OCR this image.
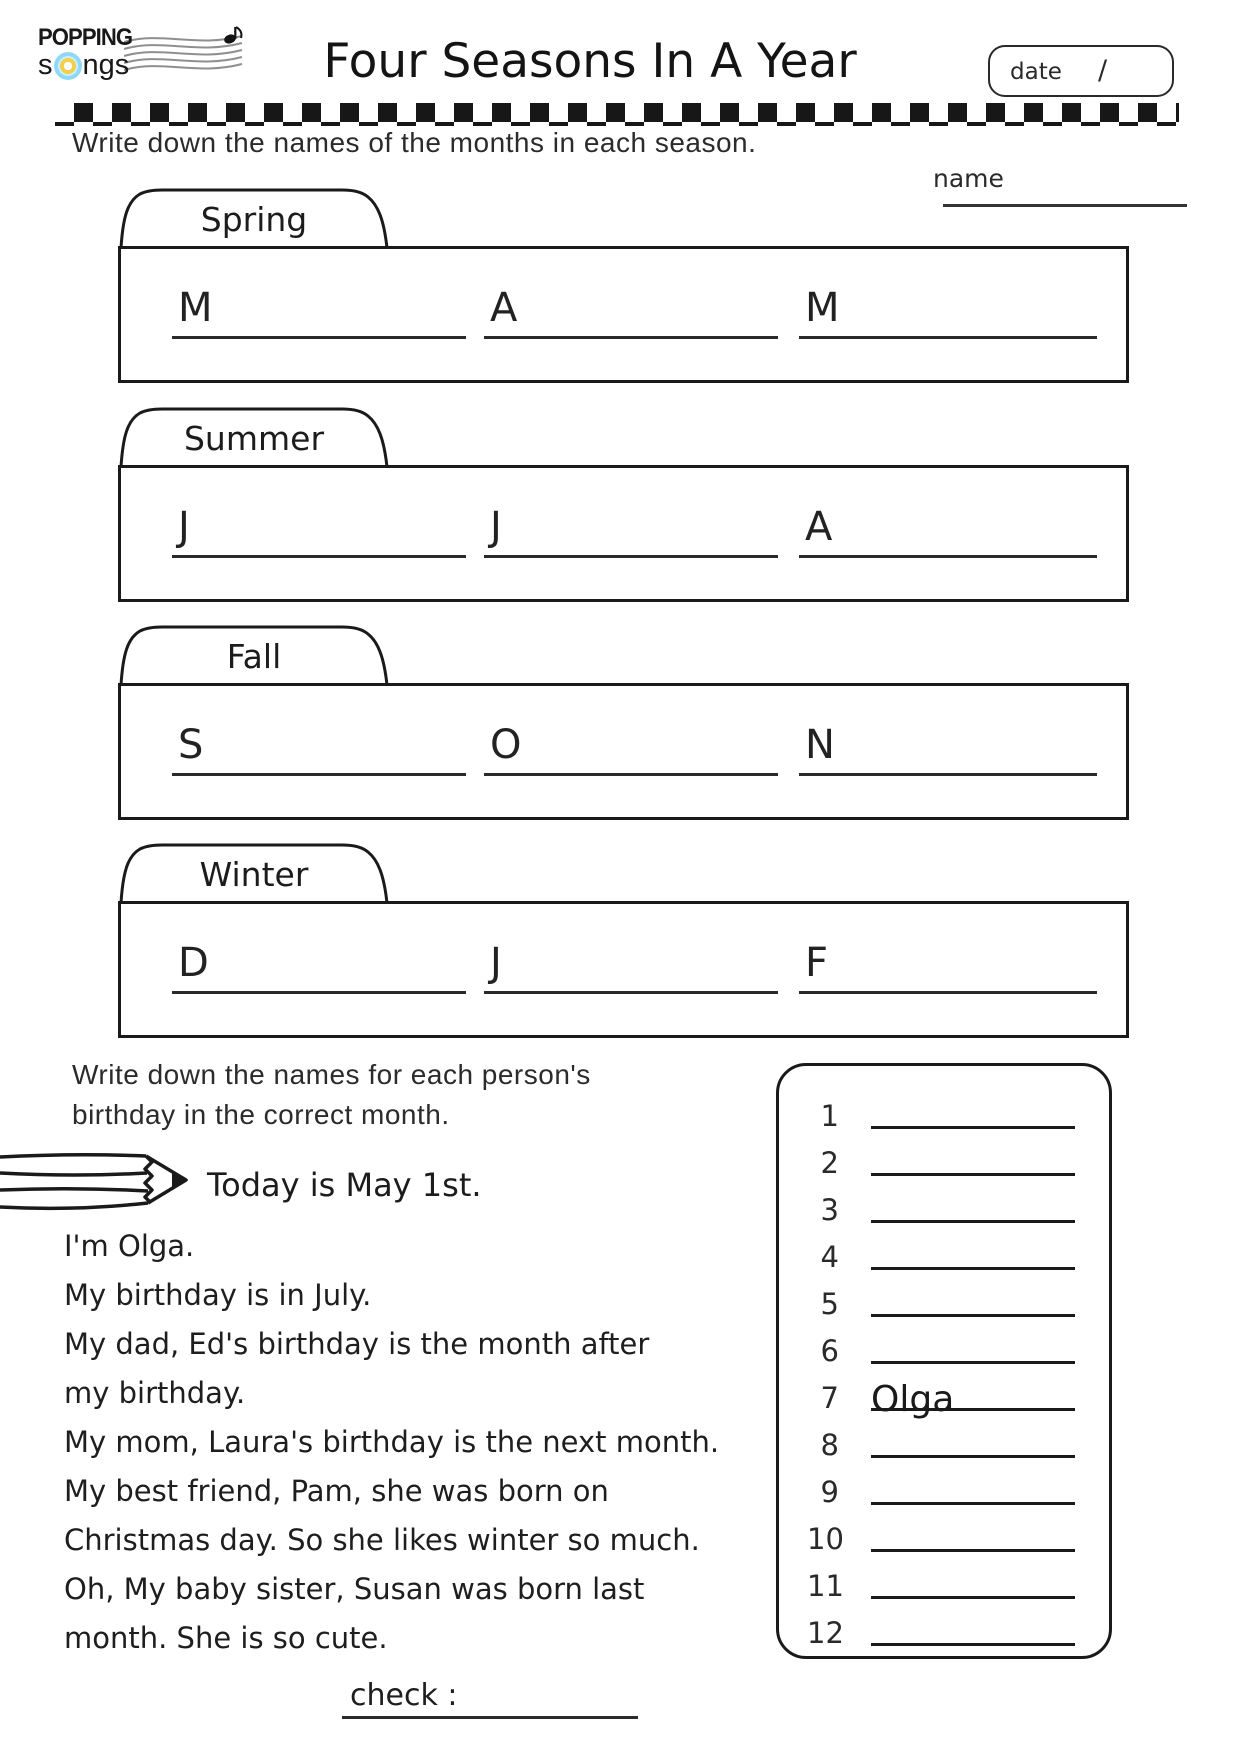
POPPING
s ngs	Four Seasons In A Year	date /
Write down the names of the months in each season.
name
Spring
M	A	M
Summer
J	J	A
Fall
S	O	N
Winter
D	J	F
Write down the names for each person's
birthday in the correct month.
Today is May 1st.
I'm Olga.
My birthday is in July.
My dad, Ed's birthday is the month after
my birthday.
My mom, Laura's birthday is the next month.
My best friend, Pam, she was born on
Christmas day. So she likes winter so much.
Oh, My baby sister, Susan was born last
month. She is so cute.
1
2
3
4
5
6
7 Olga
8
9
10
11
12
check :
